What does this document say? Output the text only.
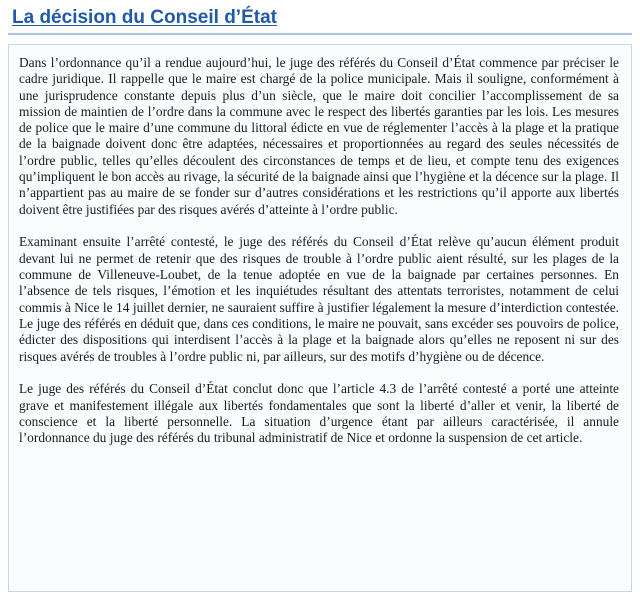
La décision du Conseil d’État

Dans l’ordonnance qu’il a rendue aujourd’hui, le juge des référés du Conseil d’État commence par préciser le cadre juridique. Il rappelle que le maire est chargé de la police municipale. Mais il souligne, conformément à une jurisprudence constante depuis plus d’un siècle, que le maire doit concilier l’accomplissement de sa mission de maintien de l’ordre dans la commune avec le respect des libertés garanties par les lois. Les mesures de police que le maire d’une commune du littoral édicte en vue de réglementer l’accès à la plage et la pratique de la baignade doivent donc être adaptées, nécessaires et proportionnées au regard des seules nécessités de l’ordre public, telles qu’elles découlent des circonstances de temps et de lieu, et compte tenu des exigences qu’impliquent le bon accès au rivage, la sécurité de la baignade ainsi que l’hygiène et la décence sur la plage. Il n’appartient pas au maire de se fonder sur d’autres considérations et les restrictions qu’il apporte aux libertés doivent être justifiées par des risques avérés d’atteinte à l’ordre public.

Examinant ensuite l’arrêté contesté, le juge des référés du Conseil d’État relève qu’aucun élément produit devant lui ne permet de retenir que des risques de trouble à l’ordre public aient résulté, sur les plages de la commune de Villeneuve-Loubet, de la tenue adoptée en vue de la baignade par certaines personnes. En l’absence de tels risques, l’émotion et les inquiétudes résultant des attentats terroristes, notamment de celui commis à Nice le 14 juillet dernier, ne sauraient suffire à justifier légalement la mesure d’interdiction contestée. Le juge des référés en déduit que, dans ces conditions, le maire ne pouvait, sans excéder ses pouvoirs de police, édicter des dispositions qui interdisent l’accès à la plage et la baignade alors qu’elles ne reposent ni sur des risques avérés de troubles à l’ordre public ni, par ailleurs, sur des motifs d’hygiène ou de décence.

Le juge des référés du Conseil d’État conclut donc que l’article 4.3 de l’arrêté contesté a porté une atteinte grave et manifestement illégale aux libertés fondamentales que sont la liberté d’aller et venir, la liberté de conscience et la liberté personnelle. La situation d’urgence étant par ailleurs caractérisée, il annule l’ordonnance du juge des référés du tribunal administratif de Nice et ordonne la suspension de cet article.
